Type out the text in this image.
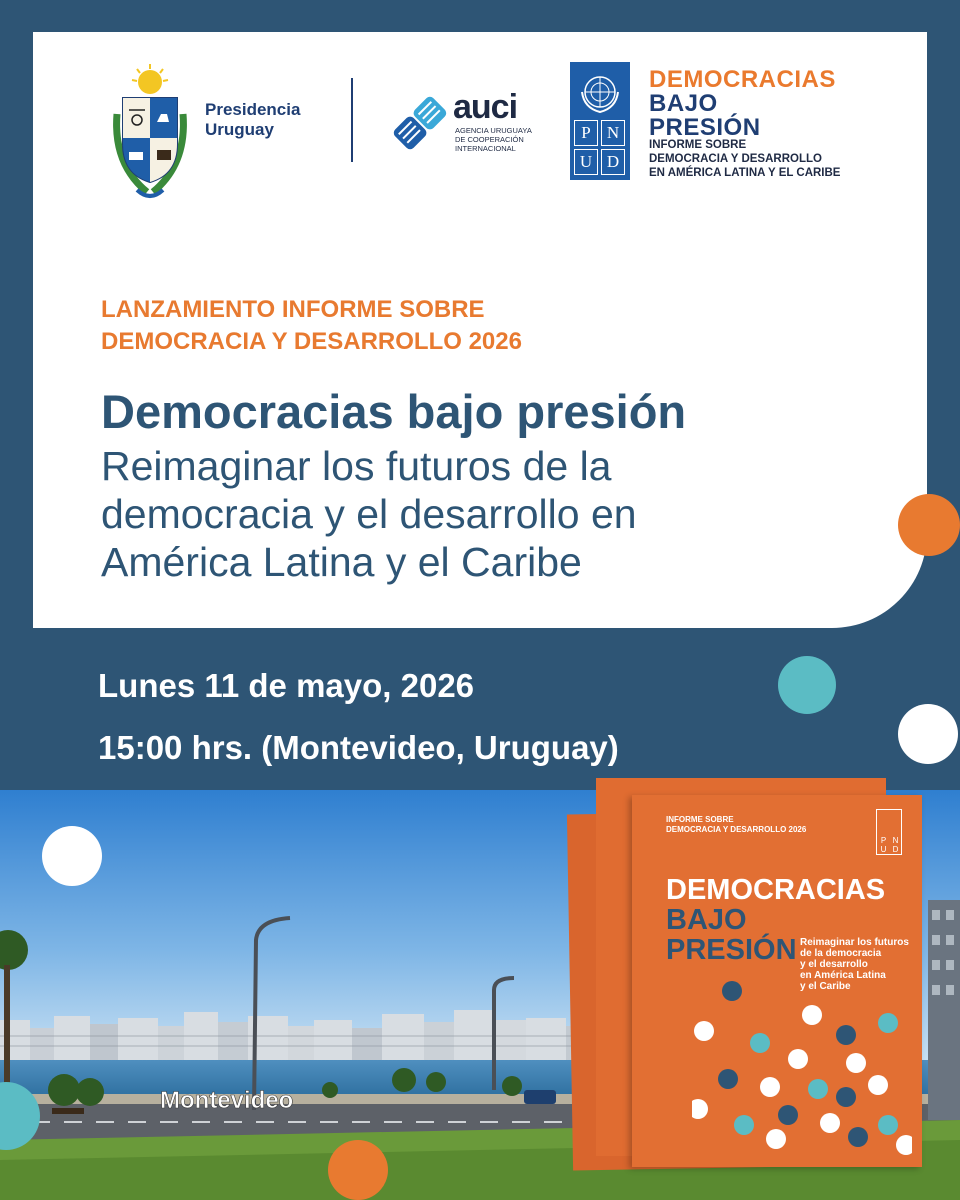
Presidencia
Uruguay
auci
AGENCIA URUGUAYA
DE COOPERACIÓN
INTERNACIONAL
P N
U D
DEMOCRACIAS
BAJO
PRESIÓN
INFORME SOBRE
DEMOCRACIA Y DESARROLLO
EN AMÉRICA LATINA Y EL CARIBE
LANZAMIENTO INFORME SOBRE
DEMOCRACIA Y DESARROLLO 2026
Democracias bajo presión
Reimaginar los futuros de la
democracia y el desarrollo en
América Latina y el Caribe
Lunes 11 de mayo, 2026
15:00 hrs. (Montevideo, Uruguay)
Montevideo
INFORME SOBRE
DEMOCRACIA Y DESARROLLO 2026
P N
U D
DEMOCRACIAS
BAJO
PRESIÓN Reimaginar los futuros
de la democracia
y el desarrollo
en América Latina
y el Caribe
